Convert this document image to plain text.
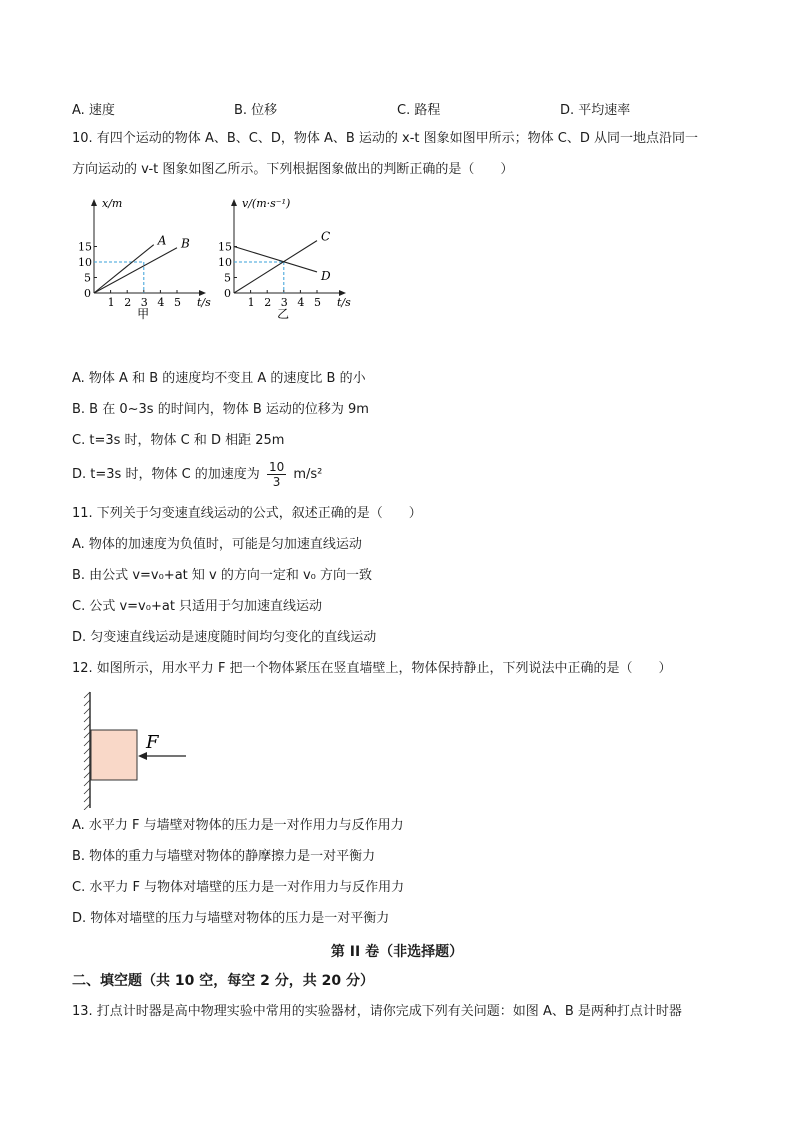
A. 速度	B. 位移	C. 路程	D. 平均速率
10. 有四个运动的物体 A、B、C、D，物体 A、B 运动的 x-t 图象如图甲所示；物体 C、D 从同一地点沿同一
方向运动的 v-t 图象如图乙所示。下列根据图象做出的判断正确的是（　　）
x/m
t/s
0
1 2 3 4 5
5
10
15	A B
甲
v/(m·s⁻¹)
t/s
0
1 2 3 4 5
5
10
15
C
D
乙
A. 物体 A 和 B 的速度均不变且 A 的速度比 B 的小
B. B 在 0~3s 的时间内，物体 B 运动的位移为 9m
C. t=3s 时，物体 C 和 D 相距 25m
D. t=3s 时，物体 C 的加速度为 $\frac{10}{3} m/s^2$
11. 下列关于匀变速直线运动的公式，叙述正确的是（　　）
A. 物体的加速度为负值时，可能是匀加速直线运动
B. 由公式 v=v₀+at 知 v 的方向一定和 v₀ 方向一致
C. 公式 v=v₀+at 只适用于匀加速直线运动
D. 匀变速直线运动是速度随时间均匀变化的直线运动
12. 如图所示，用水平力 F 把一个物体紧压在竖直墙壁上，物体保持静止，下列说法中正确的是（　　）
F
A. 水平力 F 与墙壁对物体的压力是一对作用力与反作用力
B. 物体的重力与墙壁对物体的静摩擦力是一对平衡力
C. 水平力 F 与物体对墙壁的压力是一对作用力与反作用力
D. 物体对墙壁的压力与墙壁对物体的压力是一对平衡力
第 II 卷（非选择题）
二、填空题（共 10 空，每空 2 分，共 20 分）
13. 打点计时器是高中物理实验中常用的实验器材，请你完成下列有关问题：如图 A、B 是两种打点计时器
